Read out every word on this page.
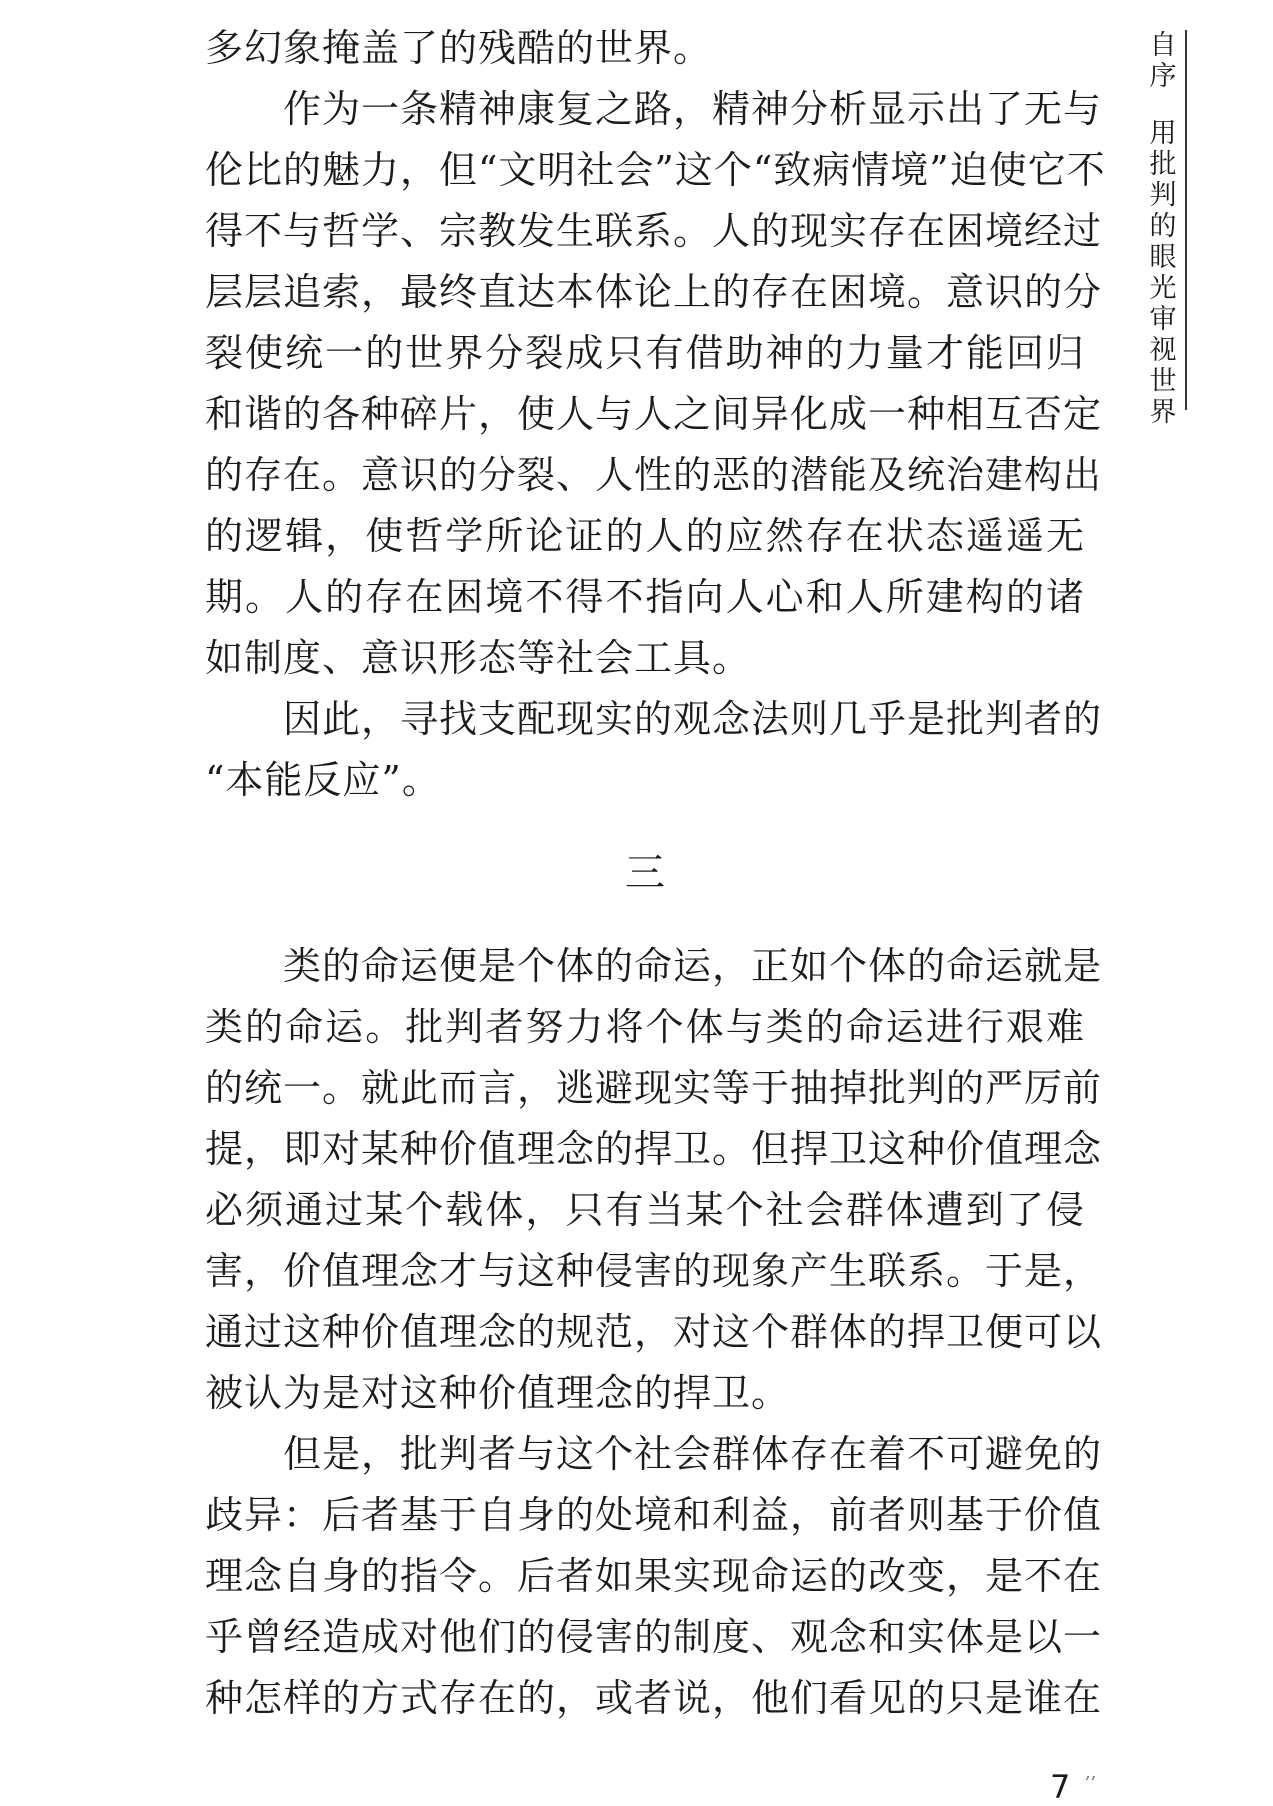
多幻象掩盖了的残酷的世界。
作为一条精神康复之路，精神分析显示出了无与
伦比的魅力，但“文明社会”这个“致病情境”迫使它不
得不与哲学、宗教发生联系。人的现实存在困境经过
层层追索，最终直达本体论上的存在困境。意识的分
裂使统一的世界分裂成只有借助神的力量才能回归
和谐的各种碎片，使人与人之间异化成一种相互否定
的存在。意识的分裂、人性的恶的潜能及统治建构出
的逻辑，使哲学所论证的人的应然存在状态遥遥无
期。人的存在困境不得不指向人心和人所建构的诸
如制度、意识形态等社会工具。
因此，寻找支配现实的观念法则几乎是批判者的
“本能反应”。
三
类的命运便是个体的命运，正如个体的命运就是
类的命运。批判者努力将个体与类的命运进行艰难
的统一。就此而言，逃避现实等于抽掉批判的严厉前
提，即对某种价值理念的捍卫。但捍卫这种价值理念
必须通过某个载体，只有当某个社会群体遭到了侵
害，价值理念才与这种侵害的现象产生联系。于是，
通过这种价值理念的规范，对这个群体的捍卫便可以
被认为是对这种价值理念的捍卫。
但是，批判者与这个社会群体存在着不可避免的
歧异：后者基于自身的处境和利益，前者则基于价值
理念自身的指令。后者如果实现命运的改变，是不在
乎曾经造成对他们的侵害的制度、观念和实体是以一
种怎样的方式存在的，或者说，他们看见的只是谁在
自
序
用
批
判
的
眼
光
审
视
世
界
7 ,,
